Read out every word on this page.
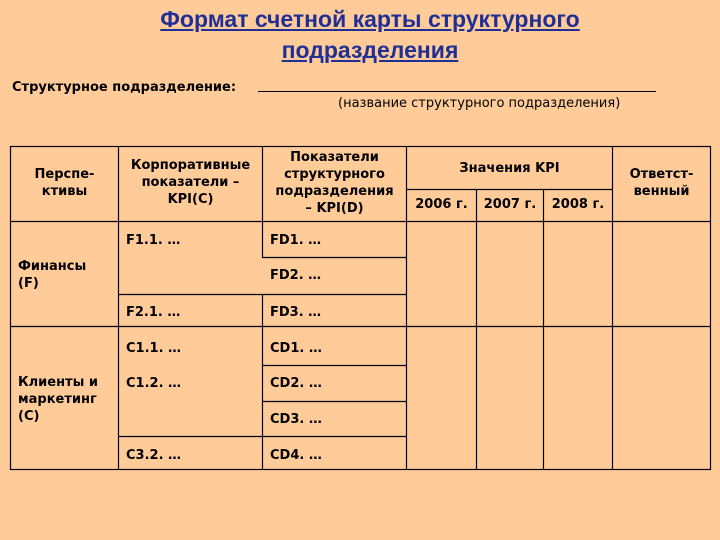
Формат счетной карты структурного подразделения
Структурное подразделение:
(название структурного подразделения)
Перспе-
ктивы
Корпоративные
показатели –
KPI(C)
Показатели
структурного
подразделения
– KPI(D)
Значения KPI
2006 г.	2007 г.	2008 г.
Ответст-
венный
Финансы
(F)
F1.1. …
F2.1. …
FD1. …
FD2. …
FD3. …
Клиенты и
маркетинг
(C)
C1.1. …
C1.2. …
C3.2. …
CD1. …
CD2. …
CD3. …
CD4. …
